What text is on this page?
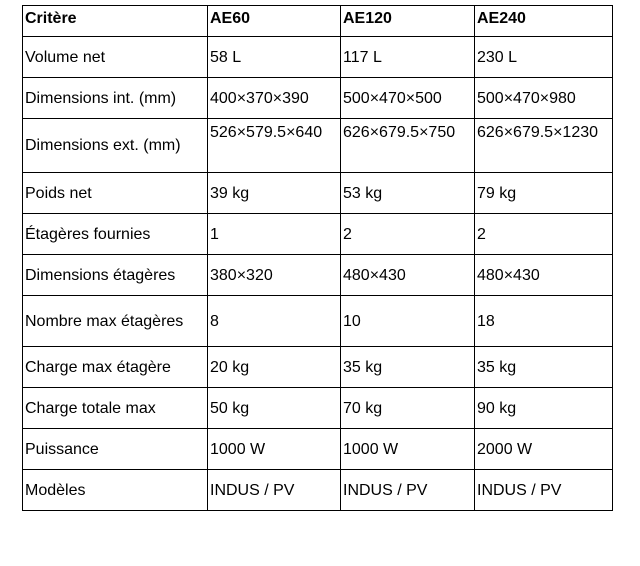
Critère	AE60	AE120	AE240
Volume net	58 L	117 L	230 L
Dimensions int. (mm)	400×370×390	500×470×500	500×470×980
Dimensions ext. (mm)	526×579.5×640	626×679.5×750	626×679.5×1230
Poids net	39 kg	53 kg	79 kg
Étagères fournies	1	2	2
Dimensions étagères	380×320	480×430	480×430
Nombre max étagères	8	10	18
Charge max étagère	20 kg	35 kg	35 kg
Charge totale max	50 kg	70 kg	90 kg
Puissance	1000 W	1000 W	2000 W
Modèles	INDUS / PV	INDUS / PV	INDUS / PV
